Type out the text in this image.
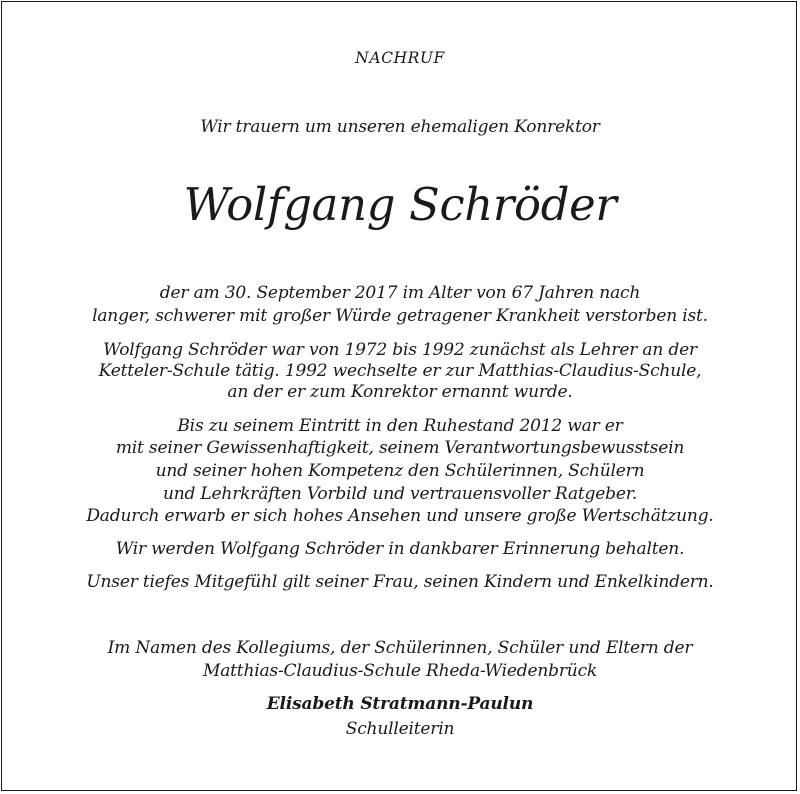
NACHRUF
Wir trauern um unseren ehemaligen Konrektor
Wolfgang Schröder
der am 30. September 2017 im Alter von 67 Jahren nach
langer, schwerer mit großer Würde getragener Krankheit verstorben ist.
Wolfgang Schröder war von 1972 bis 1992 zunächst als Lehrer an der
Ketteler-Schule tätig. 1992 wechselte er zur Matthias-Claudius-Schule,
an der er zum Konrektor ernannt wurde.
Bis zu seinem Eintritt in den Ruhestand 2012 war er
mit seiner Gewissenhaftigkeit, seinem Verantwortungsbewusstsein
und seiner hohen Kompetenz den Schülerinnen, Schülern
und Lehrkräften Vorbild und vertrauensvoller Ratgeber.
Dadurch erwarb er sich hohes Ansehen und unsere große Wertschätzung.
Wir werden Wolfgang Schröder in dankbarer Erinnerung behalten.
Unser tiefes Mitgefühl gilt seiner Frau, seinen Kindern und Enkelkindern.
Im Namen des Kollegiums, der Schülerinnen, Schüler und Eltern der
Matthias-Claudius-Schule Rheda-Wiedenbrück
Elisabeth Stratmann-Paulun
Schulleiterin
